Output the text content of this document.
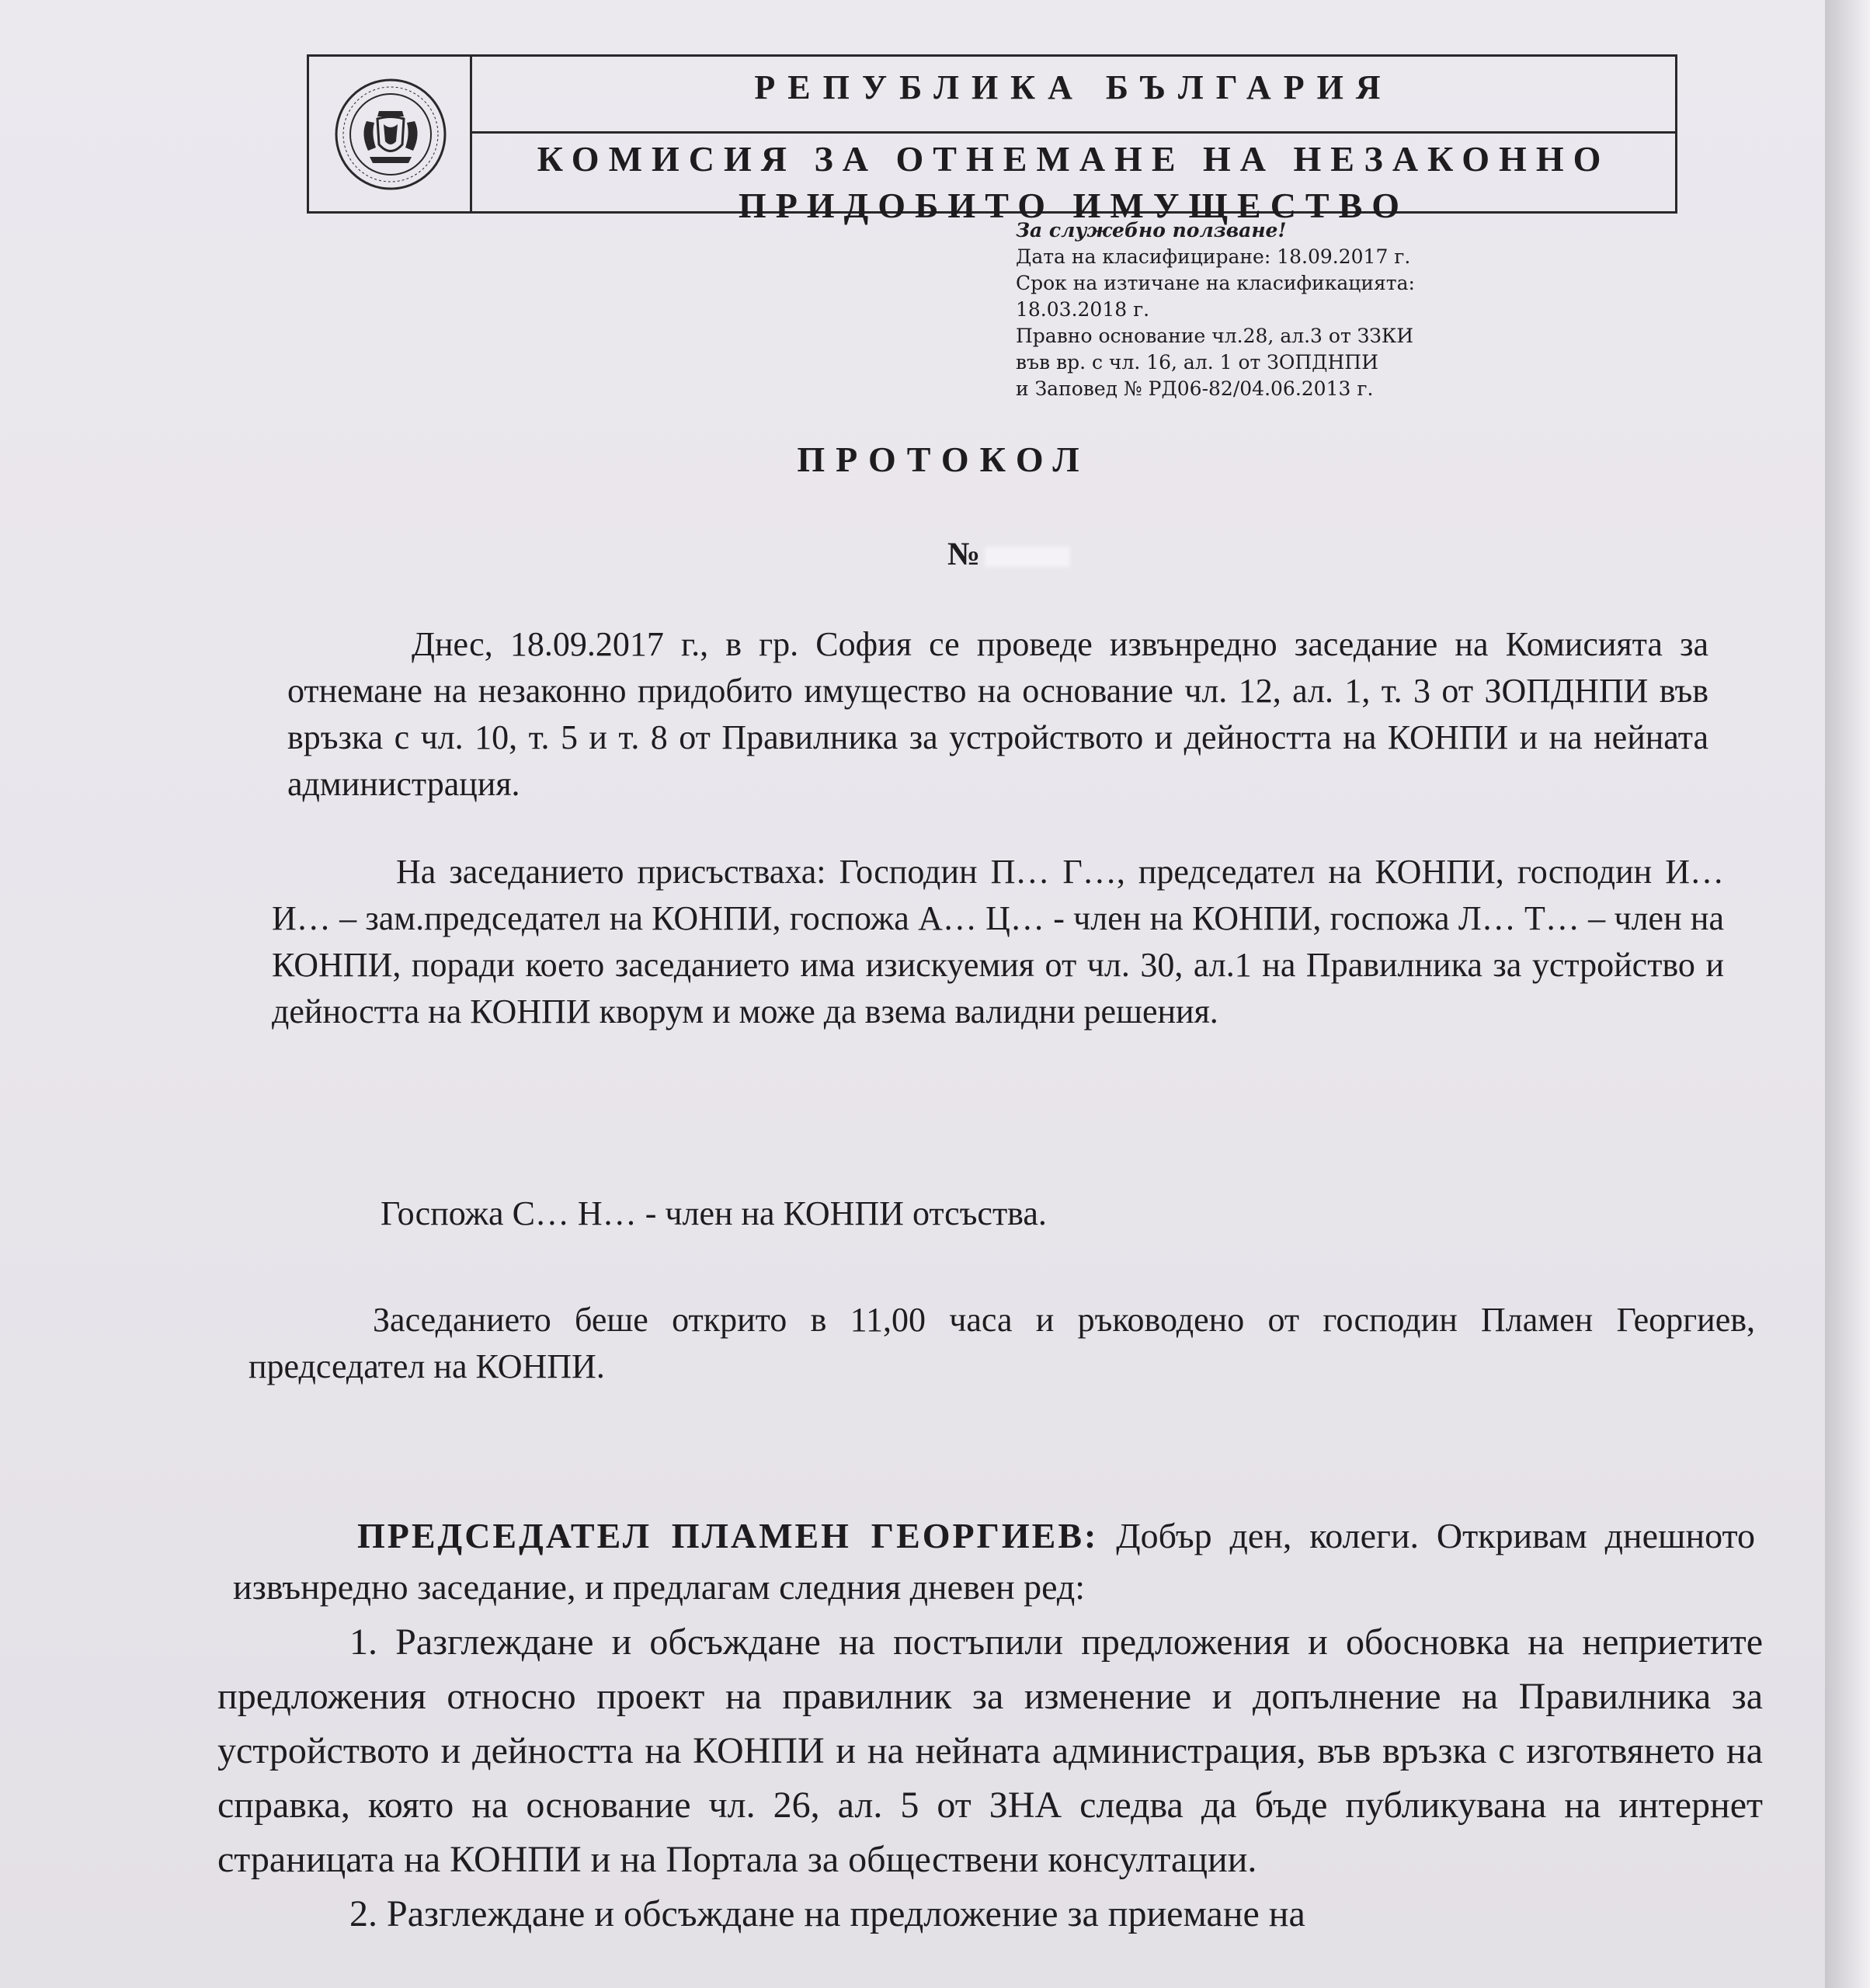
РЕПУБЛИКА БЪЛГАРИЯ
КОМИСИЯ ЗА ОТНЕМАНЕ НА НЕЗАКОННО
ПРИДОБИТО ИМУЩЕСТВО
За служебно ползване!
Дата на класифициране: 18.09.2017 г.
Срок на изтичане на класификацията:
18.03.2018 г.
Правно основание чл.28, ал.3 от ЗЗКИ
във вр. с чл. 16, ал. 1 от ЗОПДНПИ
и Заповед № РД06-82/04.06.2013 г.
ПРОТОКОЛ
№
Днес, 18.09.2017 г., в гр. София се проведе извънредно заседание на Комисията за отнемане на незаконно придобито имущество на основание чл. 12, ал. 1, т. 3 от ЗОПДНПИ във връзка с чл. 10, т. 5 и т. 8 от Правилника за устройството и дейността на КОНПИ и на нейната администрация.
На заседанието присъстваха: Господин П… Г…, председател на КОНПИ, господин И… И… – зам.председател на КОНПИ, госпожа А… Ц… - член на КОНПИ, госпожа Л… Т… – член на КОНПИ, поради което заседанието има изискуемия от чл. 30, ал.1 на Правилника за устройство и дейността на КОНПИ кворум и може да взема валидни решения.
Госпожа С… Н… - член на КОНПИ отсъства.
Заседанието беше открито в 11,00 часа и ръководено от господин Пламен Георгиев, председател на КОНПИ.
ПРЕДСЕДАТЕЛ ПЛАМЕН ГЕОРГИЕВ: Добър ден, колеги. Откривам днешното извънредно заседание, и предлагам следния дневен ред:

1. Разглеждане и обсъждане на постъпили предложения и обосновка на неприетите предложения относно проект на правилник за изменение и допълнение на Правилника за устройството и дейността на КОНПИ и на нейната администрация, във връзка с изготвянето на справка, която на основание чл. 26, ал. 5 от ЗНА следва да бъде публикувана на интернет страницата на КОНПИ и на Портала за обществени консултации.

2. Разглеждане и обсъждане на предложение за приемане на
